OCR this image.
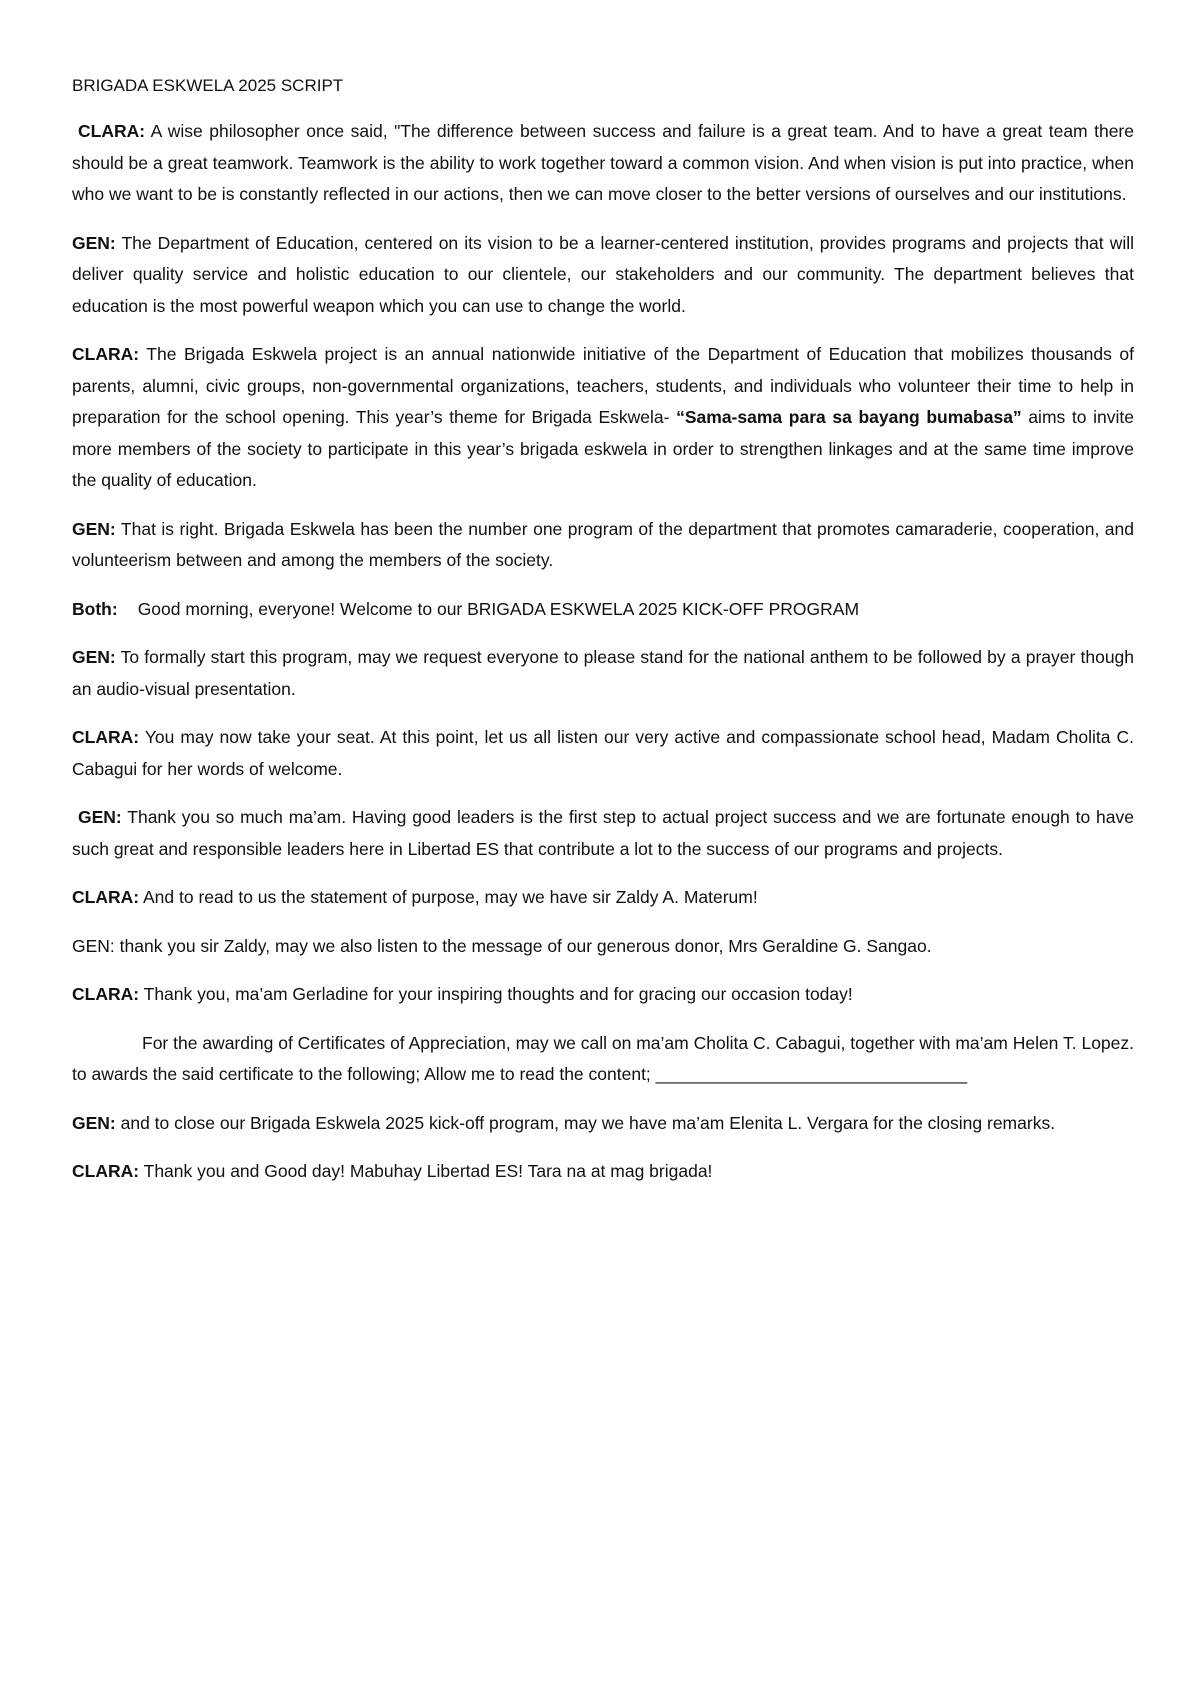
BRIGADA ESKWELA 2025 SCRIPT

CLARA: A wise philosopher once said, "The difference between success and failure is a great team. And to have a great team there should be a great teamwork. Teamwork is the ability to work together toward a common vision. And when vision is put into practice, when who we want to be is constantly reflected in our actions, then we can move closer to the better versions of ourselves and our institutions.

GEN: The Department of Education, centered on its vision to be a learner-centered institution, provides programs and projects that will deliver quality service and holistic education to our clientele, our stakeholders and our community. The department believes that education is the most powerful weapon which you can use to change the world.

CLARA: The Brigada Eskwela project is an annual nationwide initiative of the Department of Education that mobilizes thousands of parents, alumni, civic groups, non-governmental organizations, teachers, students, and individuals who volunteer their time to help in preparation for the school opening. This year’s theme for Brigada Eskwela- “Sama-sama para sa bayang bumabasa” aims to invite more members of the society to participate in this year’s brigada eskwela in order to strengthen linkages and at the same time improve the quality of education.

GEN: That is right. Brigada Eskwela has been the number one program of the department that promotes camaraderie, cooperation, and volunteerism between and among the members of the society.

Both: Good morning, everyone! Welcome to our BRIGADA ESKWELA 2025 KICK-OFF PROGRAM

GEN: To formally start this program, may we request everyone to please stand for the national anthem to be followed by a prayer though an audio-visual presentation.

CLARA: You may now take your seat. At this point, let us all listen our very active and compassionate school head, Madam Cholita C. Cabagui for her words of welcome.

GEN: Thank you so much ma’am. Having good leaders is the first step to actual project success and we are fortunate enough to have such great and responsible leaders here in Libertad ES that contribute a lot to the success of our programs and projects.

CLARA: And to read to us the statement of purpose, may we have sir Zaldy A. Materum!

GEN: thank you sir Zaldy, may we also listen to the message of our generous donor, Mrs Geraldine G. Sangao.

CLARA: Thank you, ma’am Gerladine for your inspiring thoughts and for gracing our occasion today!

For the awarding of Certificates of Appreciation, may we call on ma’am Cholita C. Cabagui, together with ma’am Helen T. Lopez. to awards the said certificate to the following; Allow me to read the content; ________________________________

GEN: and to close our Brigada Eskwela 2025 kick-off program, may we have ma’am Elenita L. Vergara for the closing remarks.

CLARA: Thank you and Good day! Mabuhay Libertad ES! Tara na at mag brigada!
